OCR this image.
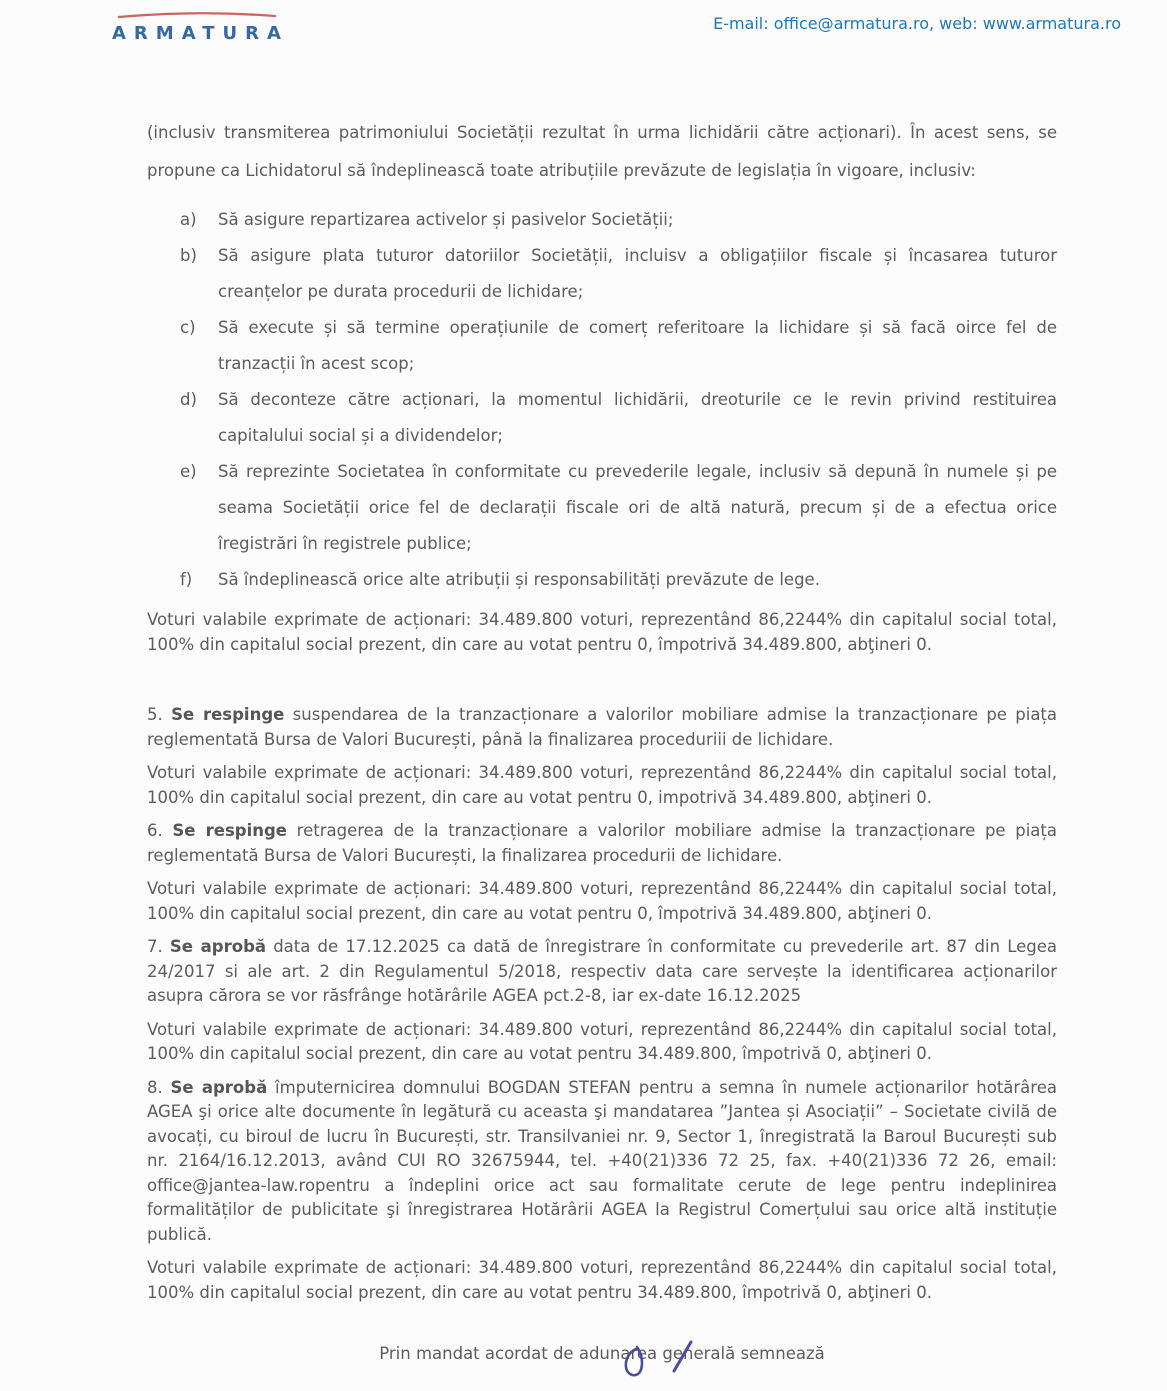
ARMATURA	E-mail: office@armatura.ro, web: www.armatura.ro

(inclusiv transmiterea patrimoniului Societății rezultat în urma lichidării către acționari). În acest sens, se propune ca Lichidatorul să îndeplinească toate atribuțiile prevăzute de legislația în vigoare, inclusiv:

a)	Să asigure repartizarea activelor și pasivelor Societății;
b)	Să asigure plata tuturor datoriilor Societății, incluisv a obligațiilor fiscale și încasarea tuturor creanțelor pe durata procedurii de lichidare;
c)	Să execute și să termine operațiunile de comerț referitoare la lichidare și să facă oirce fel de tranzacții în acest scop;
d)	Să deconteze către acționari, la momentul lichidării, dreoturile ce le revin privind restituirea capitalului social și a dividendelor;
e)	Să reprezinte Societatea în conformitate cu prevederile legale, inclusiv să depună în numele și pe seama Societății orice fel de declarații fiscale ori de altă natură, precum și de a efectua orice îregistrări în registrele publice;
f)	Să îndeplinească orice alte atribuții și responsabilități prevăzute de lege.

Voturi valabile exprimate de acționari: 34.489.800 voturi, reprezentând 86,2244% din capitalul social total, 100% din capitalul social prezent, din care au votat pentru 0, împotrivă 34.489.800, abţineri 0.

5. Se respinge suspendarea de la tranzacționare a valorilor mobiliare admise la tranzacționare pe piața reglementată Bursa de Valori București, până la finalizarea proceduriii de lichidare.

Voturi valabile exprimate de acționari: 34.489.800 voturi, reprezentând 86,2244% din capitalul social total, 100% din capitalul social prezent, din care au votat pentru 0, impotrivă 34.489.800, abţineri 0.

6. Se respinge retragerea de la tranzacționare a valorilor mobiliare admise la tranzacționare pe piața reglementată Bursa de Valori București, la finalizarea procedurii de lichidare.

Voturi valabile exprimate de acționari: 34.489.800 voturi, reprezentând 86,2244% din capitalul social total, 100% din capitalul social prezent, din care au votat pentru 0, împotrivă 34.489.800, abţineri 0.

7. Se aprobă data de 17.12.2025 ca dată de înregistrare în conformitate cu prevederile art. 87 din Legea 24/2017 si ale art. 2 din Regulamentul 5/2018, respectiv data care servește la identificarea acționarilor asupra cărora se vor răsfrânge hotărârile AGEA pct.2-8, iar ex-date 16.12.2025

Voturi valabile exprimate de acționari: 34.489.800 voturi, reprezentând 86,2244% din capitalul social total, 100% din capitalul social prezent, din care au votat pentru 34.489.800, împotrivă 0, abţineri 0.

8. Se aprobă împuternicirea domnului BOGDAN STEFAN pentru a semna în numele acționarilor hotărârea AGEA şi orice alte documente în legătură cu aceasta şi mandatarea ”Jantea și Asociații” – Societate civilă de avocați, cu biroul de lucru în București, str. Transilvaniei nr. 9, Sector 1, înregistrată la Baroul București sub nr. 2164/16.12.2013, având CUI RO 32675944, tel. +40(21)336 72 25, fax. +40(21)336 72 26, email: office@jantea-law.ropentru a îndeplini orice act sau formalitate cerute de lege pentru indeplinirea formalităților de publicitate şi înregistrarea Hotărârii AGEA la Registrul Comerțului sau orice altă instituție publică.

Voturi valabile exprimate de acționari: 34.489.800 voturi, reprezentând 86,2244% din capitalul social total, 100% din capitalul social prezent, din care au votat pentru 34.489.800, împotrivă 0, abţineri 0.

Prin mandat acordat de adunarea generală semnează
